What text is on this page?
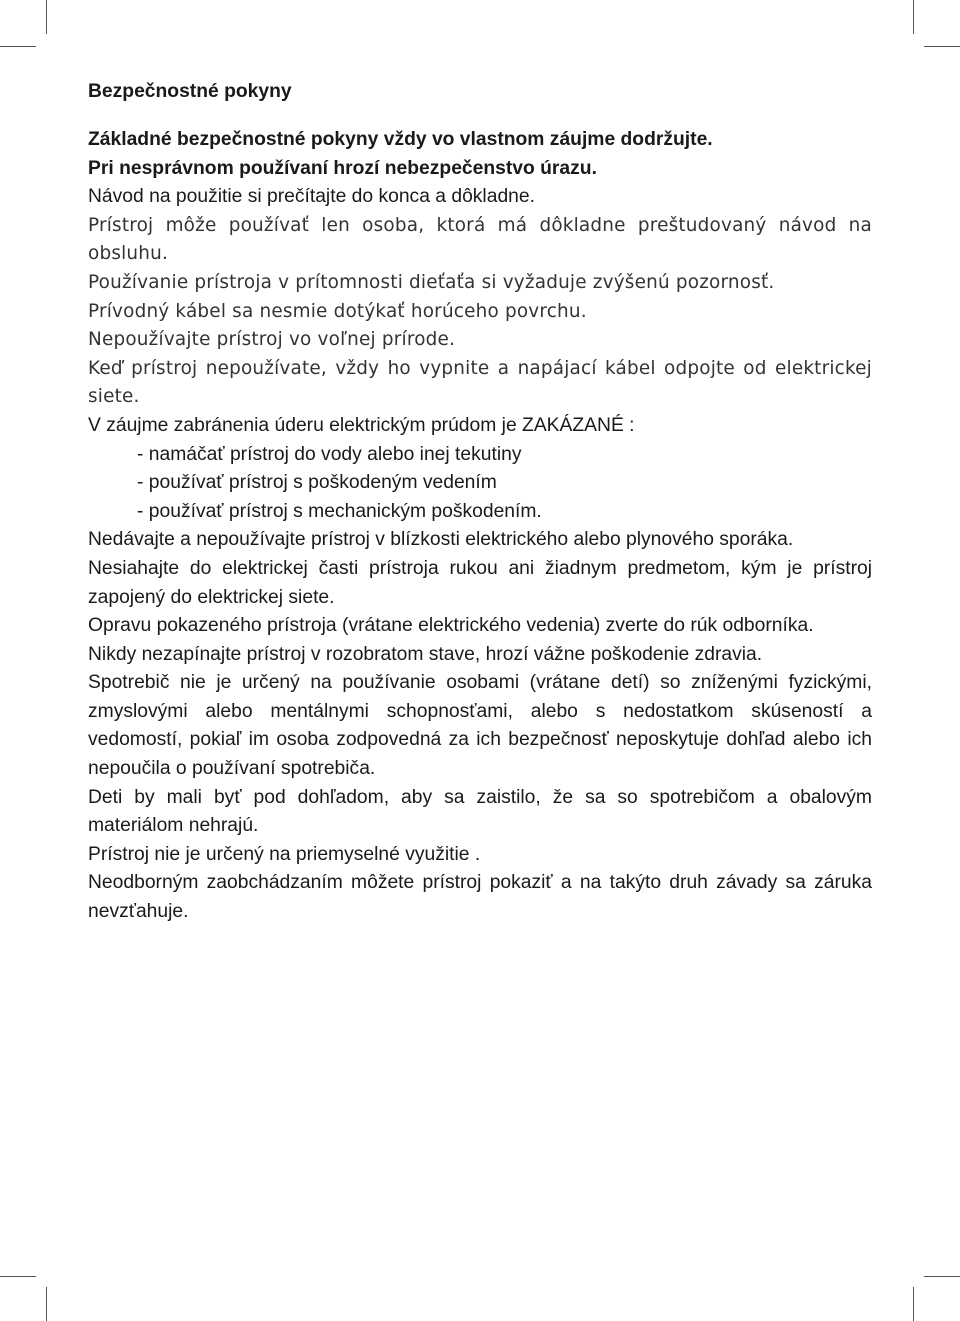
Bezpečnostné pokyny

Základné bezpečnostné pokyny vždy vo vlastnom záujme dodržujte.

Pri nesprávnom používaní hrozí nebezpečenstvo úrazu.

Návod na použitie si prečítajte do konca a dôkladne.

Prístroj môže používať len osoba, ktorá má dôkladne preštudovaný návod na obsluhu.

Používanie prístroja v prítomnosti dieťaťa si vyžaduje zvýšenú pozornosť.

Prívodný kábel sa nesmie dotýkať horúceho povrchu.

Nepoužívajte prístroj vo voľnej prírode.

Keď prístroj nepoužívate, vždy ho vypnite a napájací kábel odpojte od elektrickej siete.

V záujme zabránenia úderu elektrickým prúdom je ZAKÁZANÉ :

- namáčať prístroj do vody alebo inej tekutiny
- používať prístroj s poškodeným vedením
- používať prístroj s mechanickým poškodením.

Nedávajte a nepoužívajte prístroj v blízkosti elektrického alebo plynového sporáka.

Nesiahajte do elektrickej časti prístroja rukou ani žiadnym predmetom, kým je prístroj zapojený do elektrickej siete.

Opravu pokazeného prístroja (vrátane elektrického vedenia) zverte do rúk odborníka.

Nikdy nezapínajte prístroj v rozobratom stave, hrozí vážne poškodenie zdravia.

Spotrebič nie je určený na používanie osobami (vrátane detí) so zníženými fyzickými, zmyslovými alebo mentálnymi schopnosťami, alebo s nedostatkom skúseností a vedomostí, pokiaľ im osoba zodpovedná za ich bezpečnosť neposkytuje dohľad alebo ich nepoučila o používaní spotrebiča.

Deti by mali byť pod dohľadom, aby sa zaistilo, že sa so spotrebičom a obalovým materiálom nehrajú.

Prístroj nie je určený na priemyselné využitie .

Neodborným zaobchádzaním môžete prístroj pokaziť a na takýto druh závady sa záruka nevzťahuje.
